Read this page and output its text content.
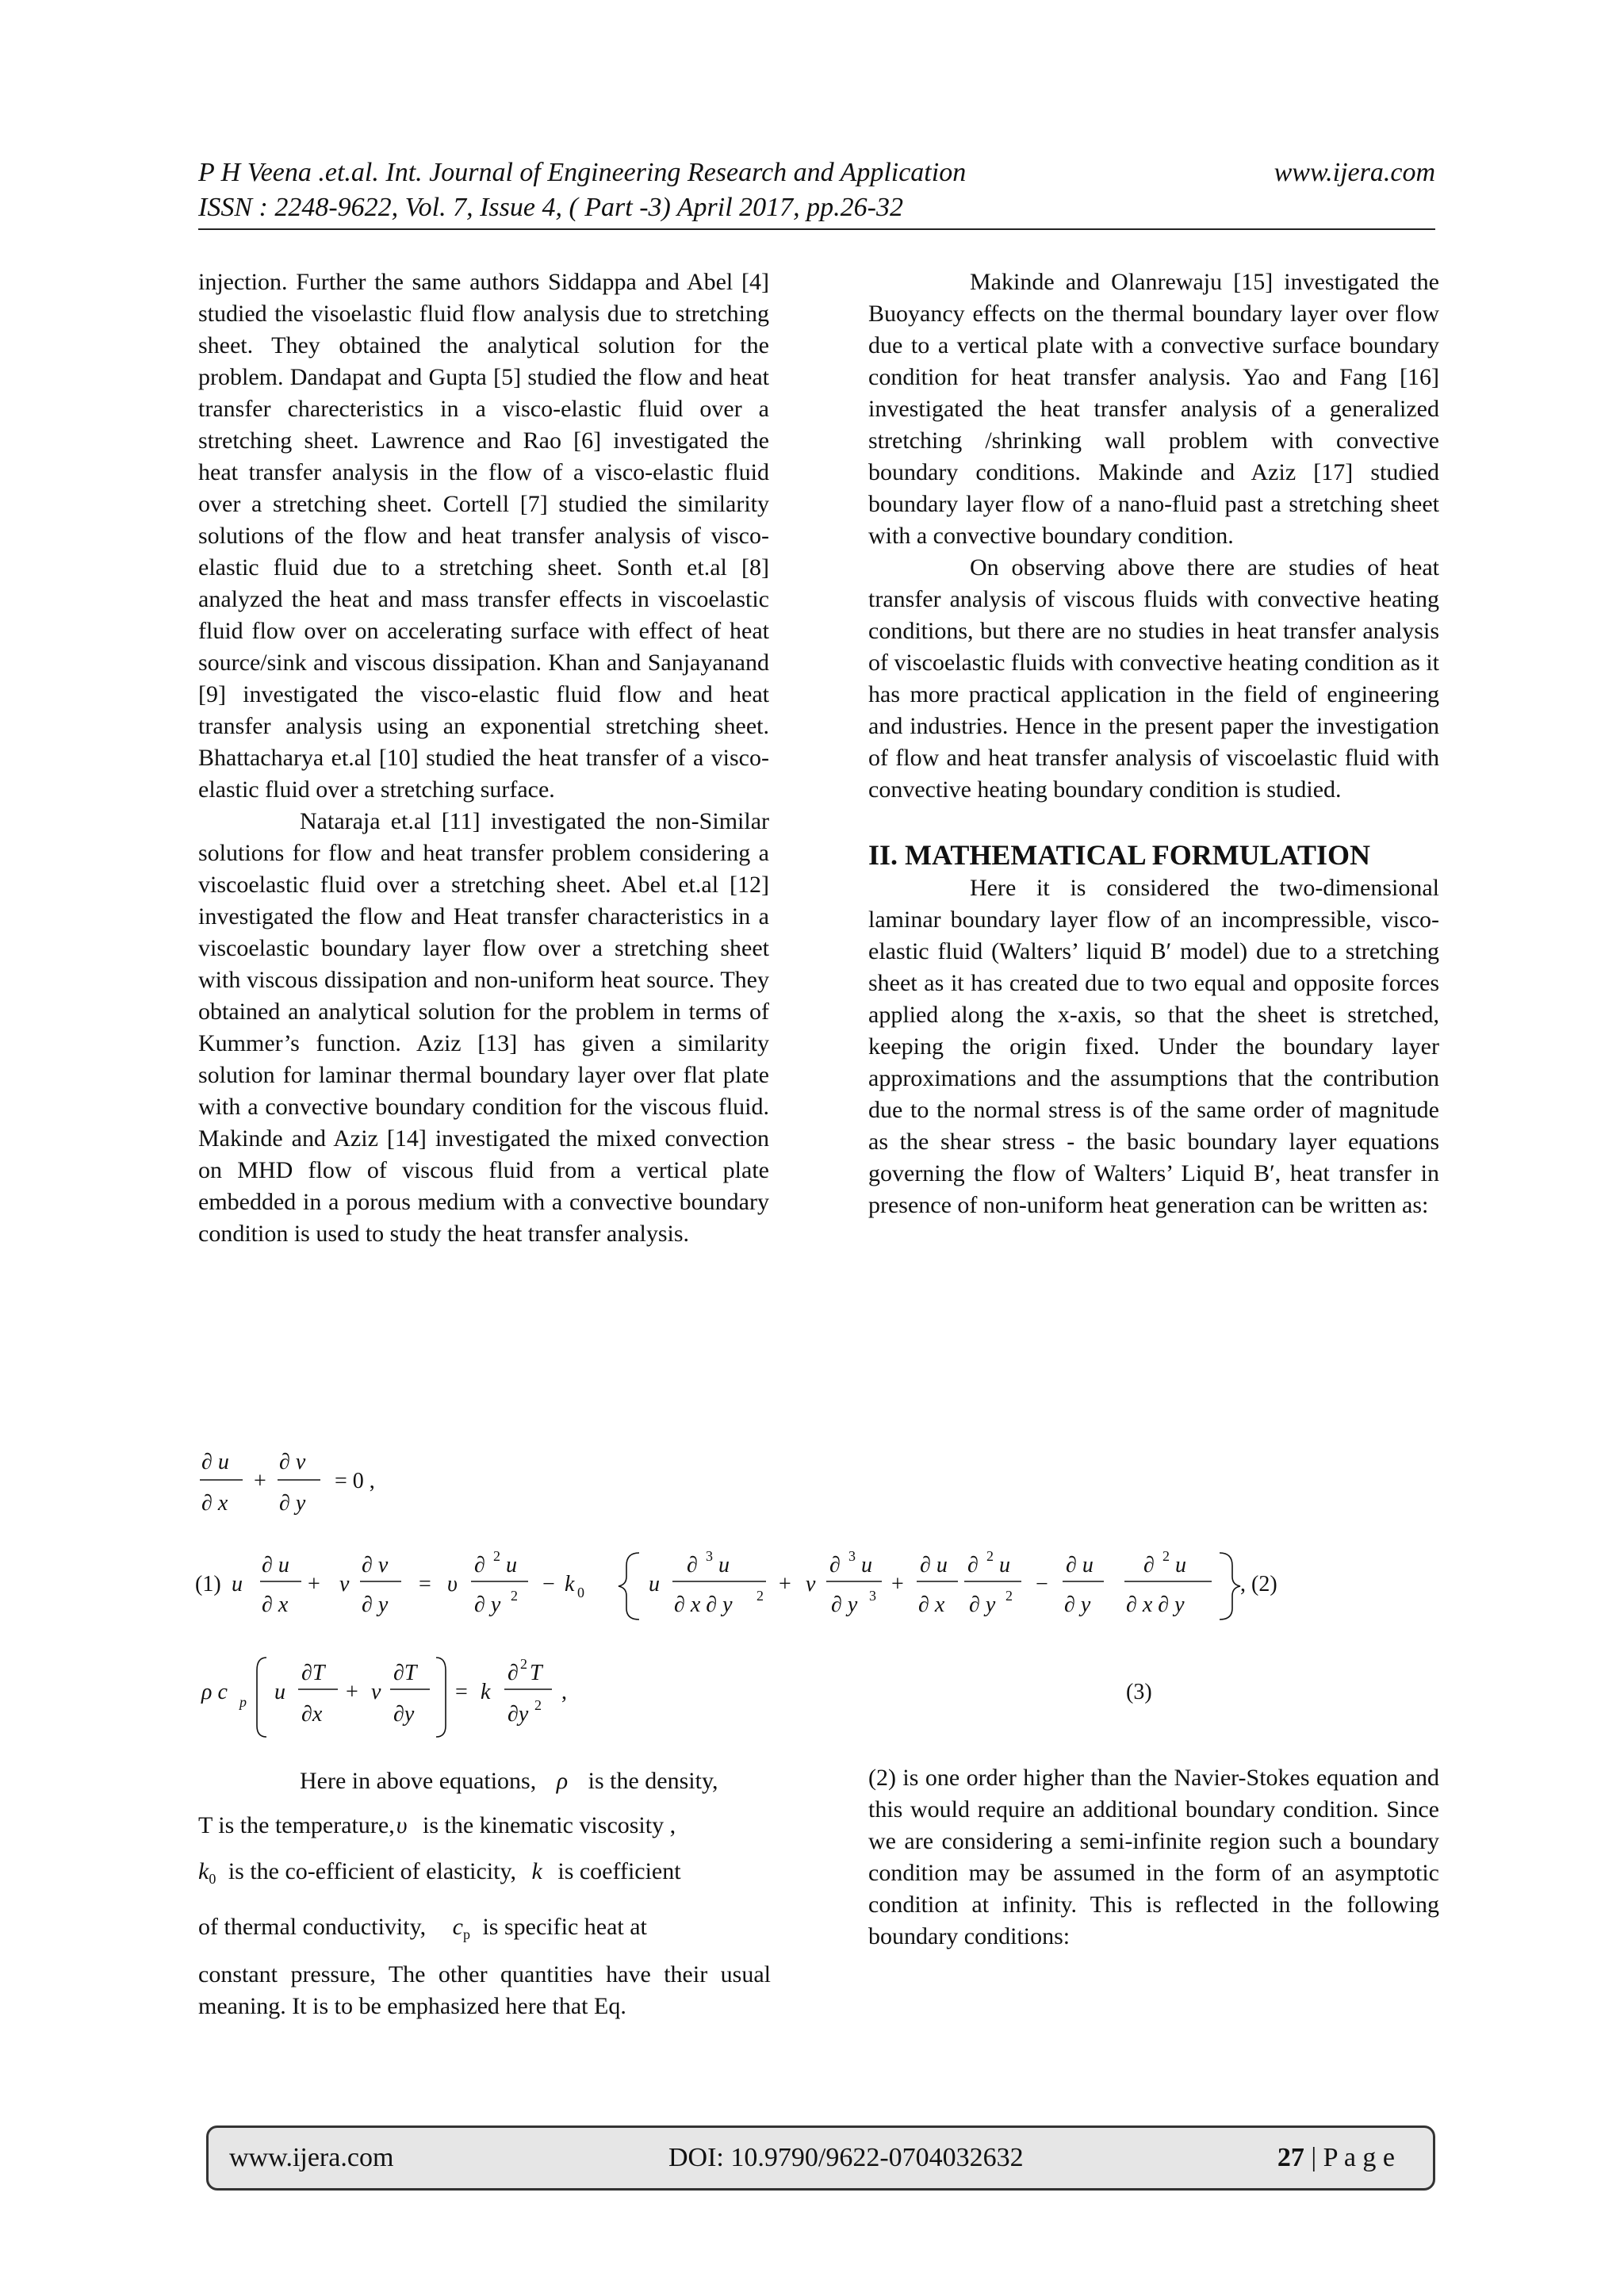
P H Veena .et.al. Int. Journal of Engineering Research and Application	www.ijera.com
ISSN : 2248-9622, Vol. 7, Issue 4, ( Part -3) April 2017, pp.26-32

injection. Further the same authors Siddappa and Abel [4] studied the visoelastic fluid flow analysis due to stretching sheet. They obtained the analytical solution for the problem. Dandapat and Gupta [5] studied the flow and heat transfer charecteristics in a visco-elastic fluid over a stretching sheet. Lawrence and Rao [6] investigated the heat transfer analysis in the flow of a visco-elastic fluid over a stretching sheet. Cortell [7] studied the similarity solutions of the flow and heat transfer analysis of visco-elastic fluid due to a stretching sheet. Sonth et.al [8] analyzed the heat and mass transfer effects in viscoelastic fluid flow over on accelerating surface with effect of heat source/sink and viscous dissipation. Khan and Sanjayanand [9] investigated the visco-elastic fluid flow and heat transfer analysis using an exponential stretching sheet. Bhattacharya et.al [10] studied the heat transfer of a visco-elastic fluid over a stretching surface.

Nataraja et.al [11] investigated the non-Similar solutions for flow and heat transfer problem considering a viscoelastic fluid over a stretching sheet. Abel et.al [12] investigated the flow and Heat transfer characteristics in a viscoelastic boundary layer flow over a stretching sheet with viscous dissipation and non-uniform heat source. They obtained an analytical solution for the problem in terms of Kummer’s function. Aziz [13] has given a similarity solution for laminar thermal boundary layer over flat plate with a convective boundary condition for the viscous fluid. Makinde and Aziz [14] investigated the mixed convection on MHD flow of viscous fluid from a vertical plate embedded in a porous medium with a convective boundary condition is used to study the heat transfer analysis.

Makinde and Olanrewaju [15] investigated the Buoyancy effects on the thermal boundary layer over flow due to a vertical plate with a convective surface boundary condition for heat transfer analysis. Yao and Fang [16] investigated the heat transfer analysis of a generalized stretching /shrinking wall problem with convective boundary conditions. Makinde and Aziz [17] studied boundary layer flow of a nano-fluid past a stretching sheet with a convective boundary condition.

On observing above there are studies of heat transfer analysis of viscous fluids with convective heating conditions, but there are no studies in heat transfer analysis of viscoelastic fluids with convective heating condition as it has more practical application in the field of engineering and industries. Hence in the present paper the investigation of flow and heat transfer analysis of viscoelastic fluid with convective heating boundary condition is studied.

II. MATHEMATICAL FORMULATION

Here it is considered the two-dimensional laminar boundary layer flow of an incompressible, visco-elastic fluid (Walters’ liquid B′ model) due to a stretching sheet as it has created due to two equal and opposite forces applied along the x-axis, so that the sheet is stretched, keeping the origin fixed. Under the boundary layer approximations and the assumptions that the contribution due to the normal stress is of the same order of magnitude as the shear stress - the basic boundary layer equations governing the flow of Walters’ Liquid B′, heat transfer in presence of non-uniform heat generation can be written as:

∂ u
∂ x
+
∂ v
∂ y
= 0 ,
(1) u
∂ u
∂ x
+ v
∂ v
∂ y
= υ
∂ 2 u
∂ y 2 − k 0	u
∂ 3 u
∂ x ∂ y 2 + v
∂ 3 u
∂ y 3 +
∂ u
∂ x
∂ 2 u
∂ y 2 −
∂ u
∂ y
∂ 2 u
∂ x ∂ y
, (2)
ρ c p u
∂T
∂x
+ v
∂T
∂y
= k
∂ 2 T
∂y 2
,	(3)
Here in above equations, ρ is the density,
T is the temperature,υ is the kinematic viscosity ,
$k_0$ is the co-efficient of elasticity, k is coefficient
of thermal conductivity, $c_p$ is specific heat at
constant pressure, The other quantities have their usual meaning. It is to be emphasized here that Eq.
(2) is one order higher than the Navier-Stokes equation and this would require an additional boundary condition. Since we are considering a semi-infinite region such a boundary condition may be assumed in the form of an asymptotic condition at infinity. This is reflected in the following boundary conditions:
www.ijera.com	DOI: 10.9790/9622-0704032632	27 | P a g e
